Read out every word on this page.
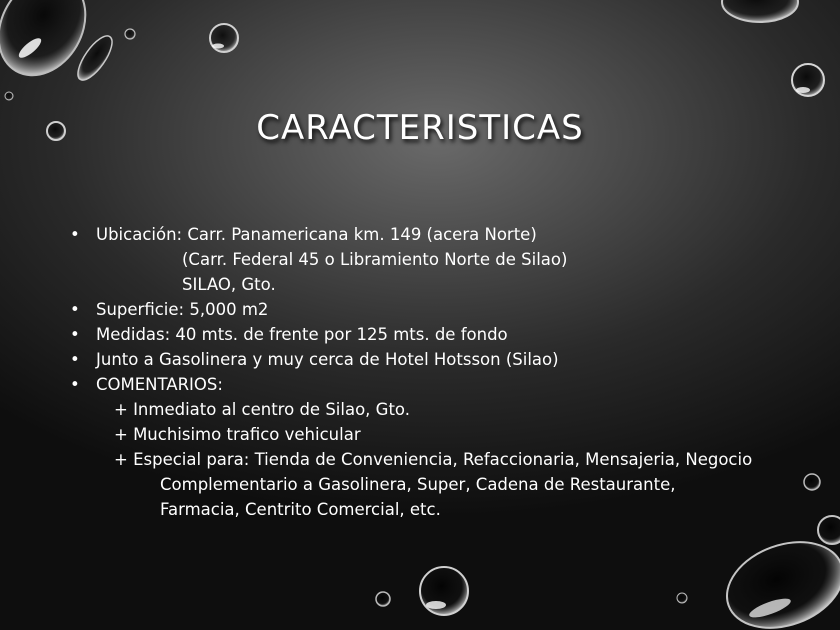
CARACTERISTICAS
• Ubicación: Carr. Panamericana km. 149 (acera Norte)
(Carr. Federal 45 o Libramiento Norte de Silao)
SILAO, Gto.
• Superficie: 5,000 m2
• Medidas: 40 mts. de frente por 125 mts. de fondo
• Junto a Gasolinera y muy cerca de Hotel Hotsson (Silao)
• COMENTARIOS:
+ Inmediato al centro de Silao, Gto.
+ Muchisimo trafico vehicular
+ Especial para: Tienda de Conveniencia, Refaccionaria, Mensajeria, Negocio
Complementario a Gasolinera, Super, Cadena de Restaurante,
Farmacia, Centrito Comercial, etc.
